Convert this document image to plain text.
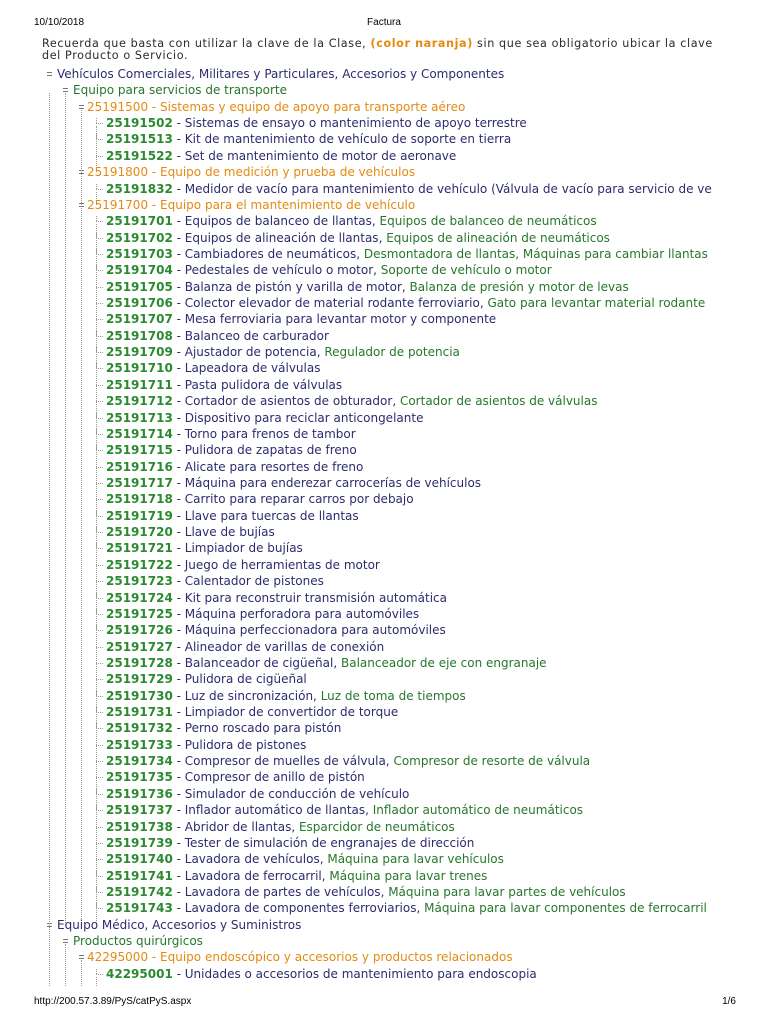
10/10/2018	Factura
Recuerda que basta con utilizar la clave de la Clase, (color naranja) sin que sea obligatorio ubicar la clave del Producto o Servicio.
Vehículos Comerciales, Militares y Particulares, Accesorios y Componentes
Equipo para servicios de transporte
25191500 - Sistemas y equipo de apoyo para transporte aéreo
25191502 - Sistemas de ensayo o mantenimiento de apoyo terrestre
25191513 - Kit de mantenimiento de vehículo de soporte en tierra
25191522 - Set de mantenimiento de motor de aeronave
25191800 - Equipo de medición y prueba de vehículos
25191832 - Medidor de vacío para mantenimiento de vehículo (Válvula de vacío para servicio de ve
25191700 - Equipo para el mantenimiento de vehículo
25191701 - Equipos de balanceo de llantas, Equipos de balanceo de neumáticos
25191702 - Equipos de alineación de llantas, Equipos de alineación de neumáticos
25191703 - Cambiadores de neumáticos, Desmontadora de llantas, Máquinas para cambiar llantas
25191704 - Pedestales de vehículo o motor, Soporte de vehículo o motor
25191705 - Balanza de pistón y varilla de motor, Balanza de presión y motor de levas
25191706 - Colector elevador de material rodante ferroviario, Gato para levantar material rodante
25191707 - Mesa ferroviaria para levantar motor y componente
25191708 - Balanceo de carburador
25191709 - Ajustador de potencia, Regulador de potencia
25191710 - Lapeadora de válvulas
25191711 - Pasta pulidora de válvulas
25191712 - Cortador de asientos de obturador, Cortador de asientos de válvulas
25191713 - Dispositivo para reciclar anticongelante
25191714 - Torno para frenos de tambor
25191715 - Pulidora de zapatas de freno
25191716 - Alicate para resortes de freno
25191717 - Máquina para enderezar carrocerías de vehículos
25191718 - Carrito para reparar carros por debajo
25191719 - Llave para tuercas de llantas
25191720 - Llave de bujías
25191721 - Limpiador de bujías
25191722 - Juego de herramientas de motor
25191723 - Calentador de pistones
25191724 - Kit para reconstruir transmisión automática
25191725 - Máquina perforadora para automóviles
25191726 - Máquina perfeccionadora para automóviles
25191727 - Alineador de varillas de conexión
25191728 - Balanceador de cigüeñal, Balanceador de eje con engranaje
25191729 - Pulidora de cigüeñal
25191730 - Luz de sincronización, Luz de toma de tiempos
25191731 - Limpiador de convertidor de torque
25191732 - Perno roscado para pistón
25191733 - Pulidora de pistones
25191734 - Compresor de muelles de válvula, Compresor de resorte de válvula
25191735 - Compresor de anillo de pistón
25191736 - Simulador de conducción de vehículo
25191737 - Inflador automático de llantas, Inflador automático de neumáticos
25191738 - Abridor de llantas, Esparcidor de neumáticos
25191739 - Tester de simulación de engranajes de dirección
25191740 - Lavadora de vehículos, Máquina para lavar vehículos
25191741 - Lavadora de ferrocarril, Máquina para lavar trenes
25191742 - Lavadora de partes de vehículos, Máquina para lavar partes de vehículos
25191743 - Lavadora de componentes ferroviarios, Máquina para lavar componentes de ferrocarril
Equipo Médico, Accesorios y Suministros
Productos quirúrgicos
42295000 - Equipo endoscópico y accesorios y productos relacionados
42295001 - Unidades o accesorios de mantenimiento para endoscopia
http://200.57.3.89/PyS/catPyS.aspx	1/6
